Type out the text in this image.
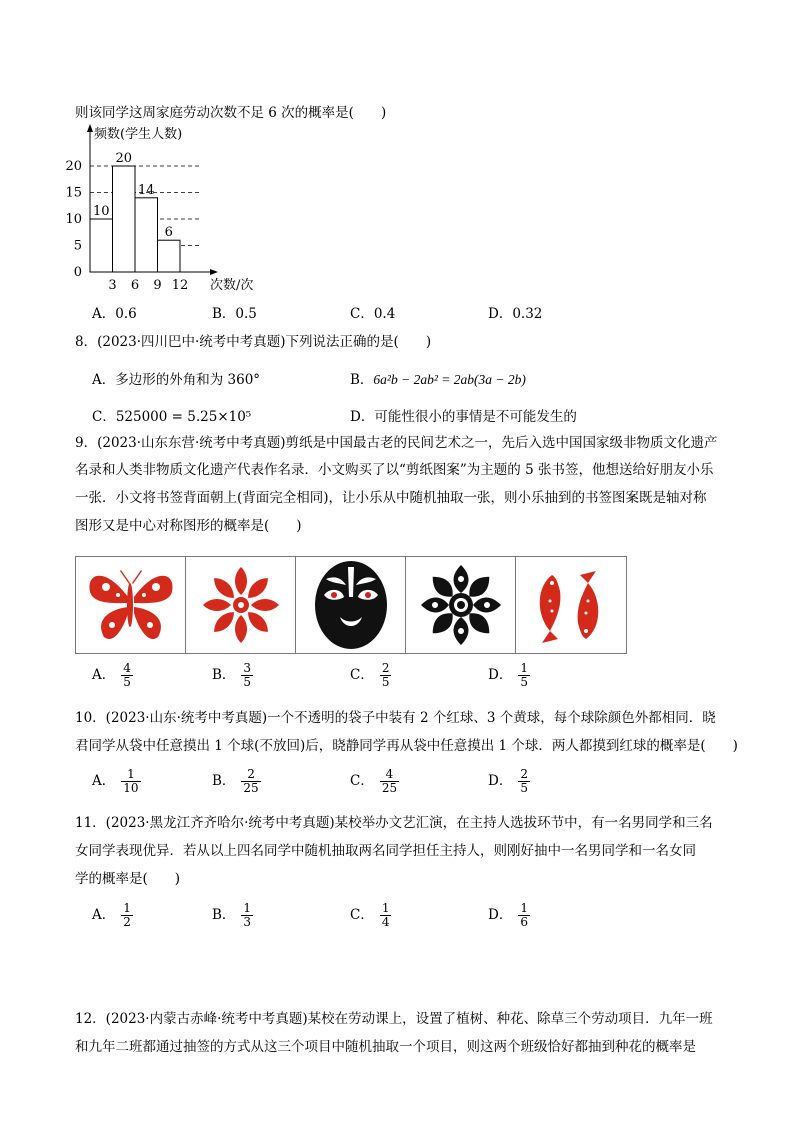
则该同学这周家庭劳动次数不足 6 次的概率是(　　)
10
20
14
6
5
10
15
20
0
3 6 9 12
频数(学生人数)
次数/次
A．0.6	B．0.5	C．0.4	D．0.32
8．(2023·四川巴中·统考中考真题)下列说法正确的是(　　)
A．多边形的外角和为 360°	B．6a²b − 2ab² = 2ab(3a − 2b)
C．525000 = 5.25×10⁵	D．可能性很小的事情是不可能发生的
9．(2023·山东东营·统考中考真题)剪纸是中国最古老的民间艺术之一，先后入选中国国家级非物质文化遗产
名录和人类非物质文化遗产代表作名录．小文购买了以“剪纸图案”为主题的 5 张书签，他想送给好朋友小乐
一张．小文将书签背面朝上(背面完全相同)，让小乐从中随机抽取一张，则小乐抽到的书签图案既是轴对称
图形又是中心对称图形的概率是(　　)
A． $\frac{4}{5}$	B． $\frac{3}{5}$	C． $\frac{2}{5}$	D． $\frac{1}{5}$
10．(2023·山东·统考中考真题)一个不透明的袋子中装有 2 个红球、3 个黄球，每个球除颜色外都相同．晓
君同学从袋中任意摸出 1 个球(不放回)后，晓静同学再从袋中任意摸出 1 个球．两人都摸到红球的概率是(　　)
A． $\frac{1}{10}$	B． $\frac{2}{25}$	C． $\frac{4}{25}$	D． $\frac{2}{5}$
11．(2023·黑龙江齐齐哈尔·统考中考真题)某校举办文艺汇演，在主持人选拔环节中，有一名男同学和三名
女同学表现优异．若从以上四名同学中随机抽取两名同学担任主持人，则刚好抽中一名男同学和一名女同
学的概率是(　　)
A． $\frac{1}{2}$	B． $\frac{1}{3}$	C． $\frac{1}{4}$	D． $\frac{1}{6}$
12．(2023·内蒙古赤峰·统考中考真题)某校在劳动课上，设置了植树、种花、除草三个劳动项目．九年一班
和九年二班都通过抽签的方式从这三个项目中随机抽取一个项目，则这两个班级恰好都抽到种花的概率是
